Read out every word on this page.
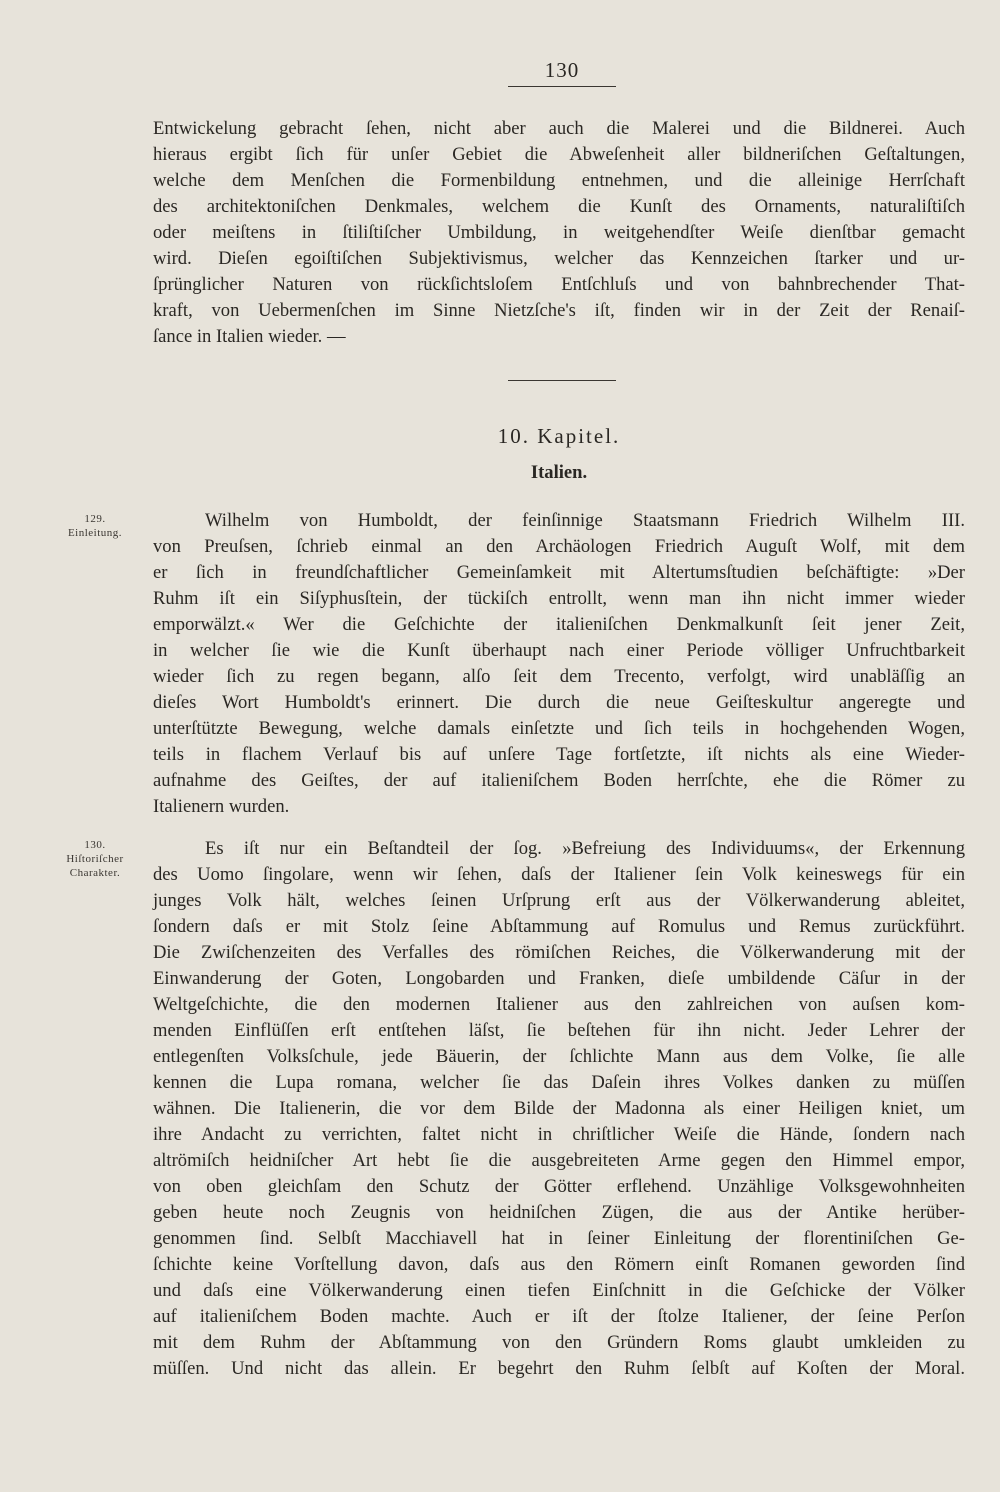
130
Entwickelung gebracht ſehen, nicht aber auch die Malerei und die Bildnerei. Auch
hieraus ergibt ſich für unſer Gebiet die Abweſenheit aller bildneriſchen Geſtaltungen,
welche dem Menſchen die Formenbildung entnehmen, und die alleinige Herrſchaft
des architektoniſchen Denkmales, welchem die Kunſt des Ornaments, naturaliſtiſch
oder meiſtens in ſtiliſtiſcher Umbildung, in weitgehendſter Weiſe dienſtbar gemacht
wird. Dieſen egoiſtiſchen Subjektivismus, welcher das Kennzeichen ſtarker und ur-
ſprünglicher Naturen von rückſichtsloſem Entſchluſs und von bahnbrechender That-
kraft, von Uebermenſchen im Sinne Nietzſche's iſt, finden wir in der Zeit der Renaiſ-
ſance in Italien wieder. —
10. Kapitel.
Italien.
129.
Einleitung.
130.
Hiſtoriſcher
Charakter.
Wilhelm von Humboldt, der feinſinnige Staatsmann Friedrich Wilhelm III.
von Preuſsen, ſchrieb einmal an den Archäologen Friedrich Auguſt Wolf, mit dem
er ſich in freundſchaftlicher Gemeinſamkeit mit Altertumsſtudien beſchäftigte: »Der
Ruhm iſt ein Siſyphusſtein, der tückiſch entrollt, wenn man ihn nicht immer wieder
emporwälzt.« Wer die Geſchichte der italieniſchen Denkmalkunſt ſeit jener Zeit,
in welcher ſie wie die Kunſt überhaupt nach einer Periode völliger Unfruchtbarkeit
wieder ſich zu regen begann, alſo ſeit dem Trecento, verfolgt, wird unabläſſig an
dieſes Wort Humboldt's erinnert. Die durch die neue Geiſteskultur angeregte und
unterſtützte Bewegung, welche damals einſetzte und ſich teils in hochgehenden Wogen,
teils in flachem Verlauf bis auf unſere Tage fortſetzte, iſt nichts als eine Wieder-
aufnahme des Geiſtes, der auf italieniſchem Boden herrſchte, ehe die Römer zu
Italienern wurden.
Es iſt nur ein Beſtandteil der ſog. »Befreiung des Individuums«, der Erkennung
des Uomo ſingolare, wenn wir ſehen, daſs der Italiener ſein Volk keineswegs für ein
junges Volk hält, welches ſeinen Urſprung erſt aus der Völkerwanderung ableitet,
ſondern daſs er mit Stolz ſeine Abſtammung auf Romulus und Remus zurückführt.
Die Zwiſchenzeiten des Verfalles des römiſchen Reiches, die Völkerwanderung mit der
Einwanderung der Goten, Longobarden und Franken, dieſe umbildende Cäſur in der
Weltgeſchichte, die den modernen Italiener aus den zahlreichen von auſsen kom-
menden Einflüſſen erſt entſtehen läſst, ſie beſtehen für ihn nicht. Jeder Lehrer der
entlegenſten Volksſchule, jede Bäuerin, der ſchlichte Mann aus dem Volke, ſie alle
kennen die Lupa romana, welcher ſie das Daſein ihres Volkes danken zu müſſen
wähnen. Die Italienerin, die vor dem Bilde der Madonna als einer Heiligen kniet, um
ihre Andacht zu verrichten, faltet nicht in chriſtlicher Weiſe die Hände, ſondern nach
altrömiſch heidniſcher Art hebt ſie die ausgebreiteten Arme gegen den Himmel empor,
von oben gleichſam den Schutz der Götter erflehend. Unzählige Volksgewohnheiten
geben heute noch Zeugnis von heidniſchen Zügen, die aus der Antike herüber-
genommen ſind. Selbſt Macchiavell hat in ſeiner Einleitung der florentiniſchen Ge-
ſchichte keine Vorſtellung davon, daſs aus den Römern einſt Romanen geworden ſind
und daſs eine Völkerwanderung einen tiefen Einſchnitt in die Geſchicke der Völker
auf italieniſchem Boden machte. Auch er iſt der ſtolze Italiener, der ſeine Perſon
mit dem Ruhm der Abſtammung von den Gründern Roms glaubt umkleiden zu
müſſen. Und nicht das allein. Er begehrt den Ruhm ſelbſt auf Koſten der Moral.
